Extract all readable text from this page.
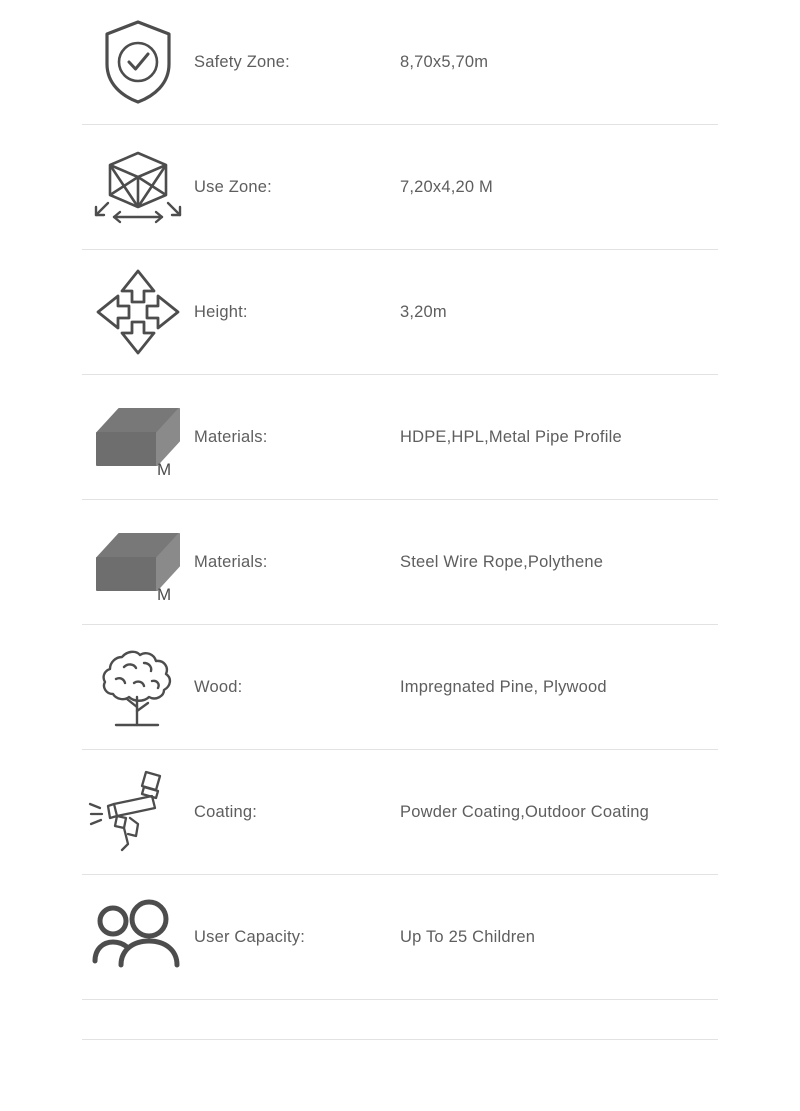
Safety Zone:	8,70x5,70m
Use Zone:	7,20x4,20 M
Height:	3,20m
M
Materials:	HDPE,HPL,Metal Pipe Profile
M
Materials:	Steel Wire Rope,Polythene
Wood:	Impregnated Pine, Plywood
Coating:	Powder Coating,Outdoor Coating
User Capacity:	Up To 25 Children
